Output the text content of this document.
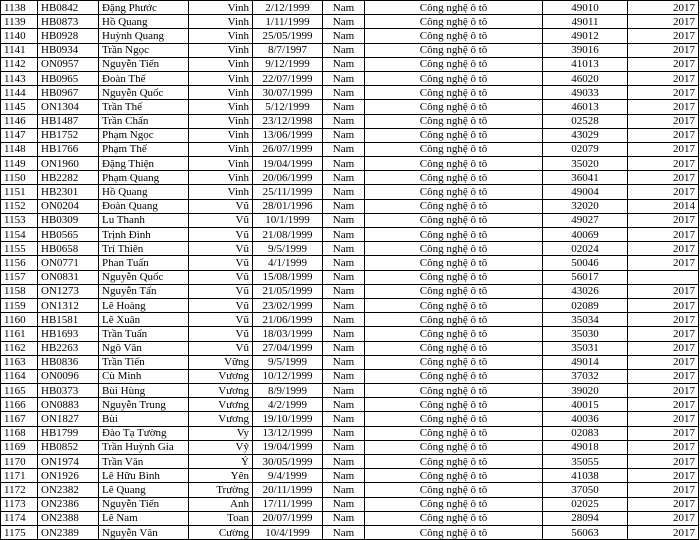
1138	HB0842	Đặng Phước	Vinh	2/12/1999	Nam	Công nghệ ô tô	49010	2017
1139	HB0873	Hồ Quang	Vinh	1/11/1999	Nam	Công nghệ ô tô	49011	2017
1140	HB0928	Huỳnh Quang	Vinh	25/05/1999	Nam	Công nghệ ô tô	49012	2017
1141	HB0934	Trần Ngọc	Vinh	8/7/1997	Nam	Công nghệ ô tô	39016	2017
1142	ON0957	Nguyễn Tiến	Vinh	9/12/1999	Nam	Công nghệ ô tô	41013	2017
1143	HB0965	Đoàn Thế	Vinh	22/07/1999	Nam	Công nghệ ô tô	46020	2017
1144	HB0967	Nguyễn Quốc	Vinh	30/07/1999	Nam	Công nghệ ô tô	49033	2017
1145	ON1304	Trần Thế	Vinh	5/12/1999	Nam	Công nghệ ô tô	46013	2017
1146	HB1487	Trần Chấn	Vinh	23/12/1998	Nam	Công nghệ ô tô	02528	2017
1147	HB1752	Phạm Ngọc	Vinh	13/06/1999	Nam	Công nghệ ô tô	43029	2017
1148	HB1766	Phạm Thế	Vinh	26/07/1999	Nam	Công nghệ ô tô	02079	2017
1149	ON1960	Đặng Thiện	Vinh	19/04/1999	Nam	Công nghệ ô tô	35020	2017
1150	HB2282	Phạm Quang	Vinh	20/06/1999	Nam	Công nghệ ô tô	36041	2017
1151	HB2301	Hồ Quang	Vinh	25/11/1999	Nam	Công nghệ ô tô	49004	2017
1152	ON0204	Đoàn Quang	Vũ	28/01/1996	Nam	Công nghệ ô tô	32020	2014
1153	HB0309	Lu Thanh	Vũ	10/1/1999	Nam	Công nghệ ô tô	49027	2017
1154	HB0565	Trịnh Đình	Vũ	21/08/1999	Nam	Công nghệ ô tô	40069	2017
1155	HB0658	Trí Thiên	Vũ	9/5/1999	Nam	Công nghệ ô tô	02024	2017
1156	ON0771	Phan Tuấn	Vũ	4/1/1999	Nam	Công nghệ ô tô	50046	2017
1157	ON0831	Nguyễn Quốc	Vũ	15/08/1999	Nam	Công nghệ ô tô	56017	
1158	ON1273	Nguyễn Tấn	Vũ	21/05/1999	Nam	Công nghệ ô tô	43026	2017
1159	ON1312	Lê Hoàng	Vũ	23/02/1999	Nam	Công nghệ ô tô	02089	2017
1160	HB1581	Lê Xuân	Vũ	21/06/1999	Nam	Công nghệ ô tô	35034	2017
1161	HB1693	Trần Tuấn	Vũ	18/03/1999	Nam	Công nghệ ô tô	35030	2017
1162	HB2263	Ngô Văn	Vũ	27/04/1999	Nam	Công nghệ ô tô	35031	2017
1163	HB0836	Trần Tiến	Vững	9/5/1999	Nam	Công nghệ ô tô	49014	2017
1164	ON0096	Cù Minh	Vương	10/12/1999	Nam	Công nghệ ô tô	37032	2017
1165	HB0373	Bùi Hùng	Vương	8/9/1999	Nam	Công nghệ ô tô	39020	2017
1166	ON0883	Nguyễn Trung	Vương	4/2/1999	Nam	Công nghệ ô tô	40015	2017
1167	ON1827	Bùi	Vương	19/10/1999	Nam	Công nghệ ô tô	40036	2017
1168	HB1799	Đào Tạ Tường	Vy	13/12/1999	Nam	Công nghệ ô tô	02083	2017
1169	HB0852	Trần Huỳnh Gia	Vỹ	19/04/1999	Nam	Công nghệ ô tô	49018	2017
1170	ON1974	Trần Văn	Ý	30/05/1999	Nam	Công nghệ ô tô	35055	2017
1171	ON1926	Lê Hữu Bình	Yên	9/4/1999	Nam	Công nghệ ô tô	41038	2017
1172	ON2382	Lê Quang	Trường	20/11/1999	Nam	Công nghệ ô tô	37050	2017
1173	ON2386	Nguyễn Tiến	Anh	17/11/1999	Nam	Công nghệ ô tô	02025	2017
1174	ON2388	Lê Nam	Toan	20/07/1999	Nam	Công nghệ ô tô	28094	2017
1175	ON2389	Nguyễn Văn	Cường	10/4/1999	Nam	Công nghệ ô tô	56063	2017
